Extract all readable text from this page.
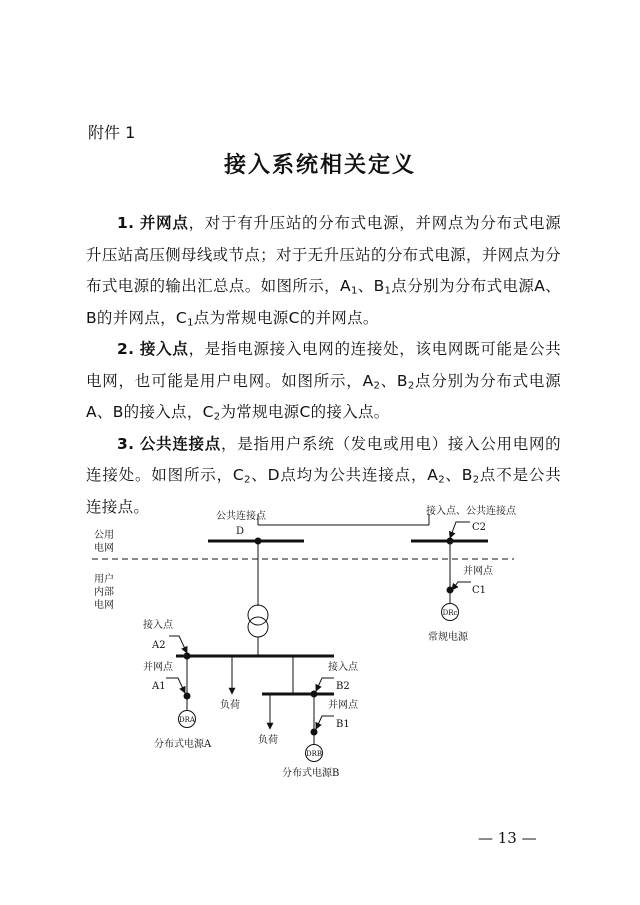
附件 1
接入系统相关定义

1. 并网点，对于有升压站的分布式电源，并网点为分布式电源升压站高压侧母线或节点；对于无升压站的分布式电源，并网点为分布式电源的输出汇总点。如图所示，$A_1$、$B_1$点分别为分布式电源A、B的并网点，$C_1$点为常规电源C的并网点。

2. 接入点，是指电源接入电网的连接处，该电网既可能是公共电网，也可能是用户电网。如图所示，$A_2$、$B_2$点分别为分布式电源A、B的接入点，$C_2$为常规电源C的接入点。

3. 公共连接点，是指用户系统（发电或用电）接入公用电网的连接处。如图所示，$C_2$、D点均为公共连接点，$A_2$、$B_2$点不是公共连接点。

公用
电网
用户
内部
电网
公共连接点
D
接入点、公共连接点
C2
并网点
C1
DRc
常规电源
接入点
A2
并网点
A1
DRA
分布式电源A
负荷
负荷
接入点
B2
并网点
B1
DRB
分布式电源B
— 13 —
